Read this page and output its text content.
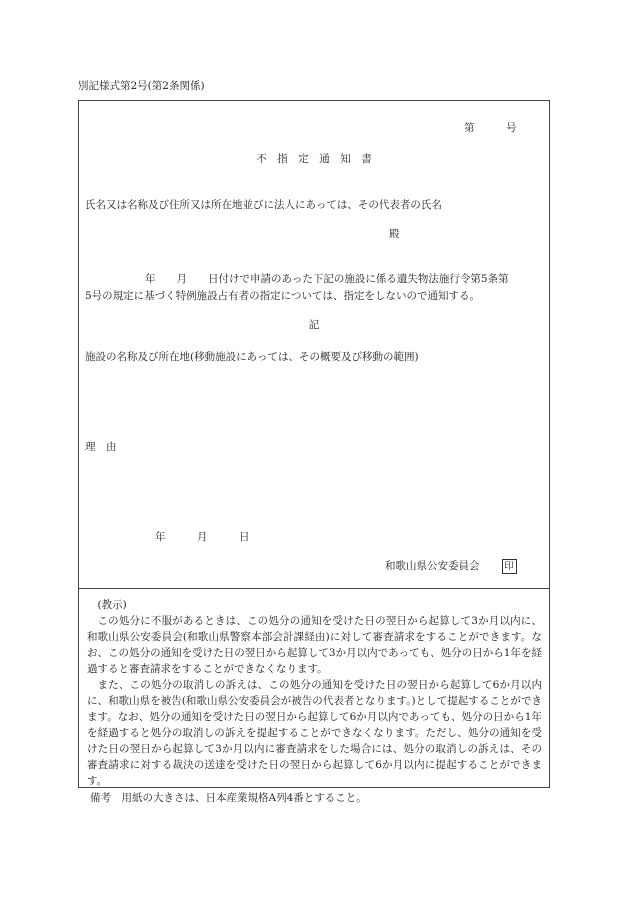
別記様式第2号(第2条関係)
第　　　号
不　指　定　通　知　書
氏名又は名称及び住所又は所在地並びに法人にあっては、その代表者の氏名
殿
年　　月　　日付けで申請のあった下記の施設に係る遺失物法施行令第5条第
5号の規定に基づく特例施設占有者の指定については、指定をしないので通知する。
記
施設の名称及び所在地(移動施設にあっては、その概要及び移動の範囲)
理　由
年　　　月　　　日
和歌山県公安委員会	印

(教示)

この処分に不服があるときは、この処分の通知を受けた日の翌日から起算して3か月以内に、和歌山県公安委員会(和歌山県警察本部会計課経由)に対して審査請求をすることができます。なお、この処分の通知を受けた日の翌日から起算して3か月以内であっても、処分の日から1年を経過すると審査請求をすることができなくなります。

また、この処分の取消しの訴えは、この処分の通知を受けた日の翌日から起算して6か月以内に、和歌山県を被告(和歌山県公安委員会が被告の代表者となります。)として提起することができます。なお、処分の通知を受けた日の翌日から起算して6か月以内であっても、処分の日から1年を経過すると処分の取消しの訴えを提起することができなくなります。ただし、処分の通知を受けた日の翌日から起算して3か月以内に審査請求をした場合には、処分の取消しの訴えは、その審査請求に対する裁決の送達を受けた日の翌日から起算して6か月以内に提起することができます。

備考　用紙の大きさは、日本産業規格A列4番とすること。
